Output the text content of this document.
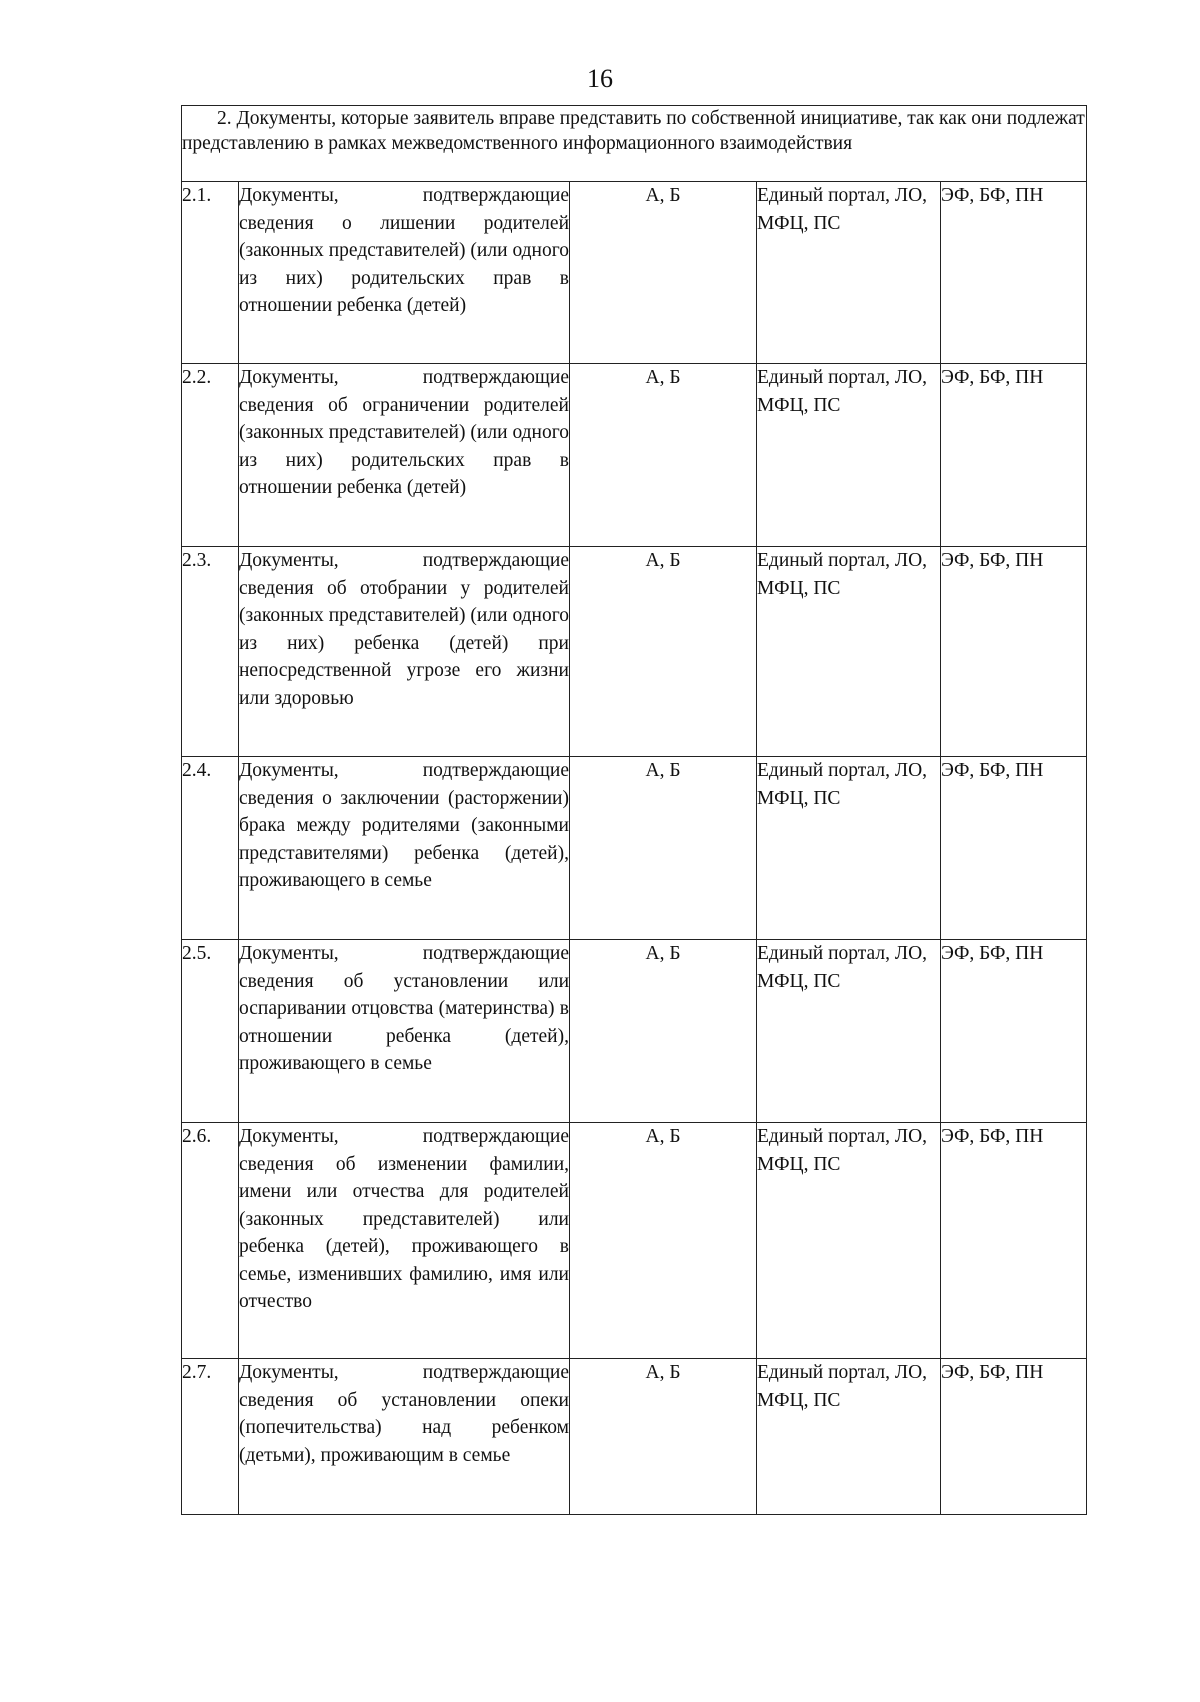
16
2. Документы, которые заявитель вправе представить по собственной инициативе, так как они подлежат представлению в рамках межведомственного информационного взаимодействия				
2.1.	Документы, подтверждающие сведения о лишении родителей (законных представителей) (или одного из них) родительских прав в отношении ребенка (детей)	А, Б	Единый портал, ЛО, МФЦ, ПС	ЭФ, БФ, ПН
2.2.	Документы, подтверждающие сведения об ограничении родителей (законных представителей) (или одного из них) родительских прав в отношении ребенка (детей)	А, Б	Единый портал, ЛО, МФЦ, ПС	ЭФ, БФ, ПН
2.3.	Документы, подтверждающие сведения об отобрании у родителей (законных представителей) (или одного из них) ребенка (детей) при непосредственной угрозе его жизни или здоровью	А, Б	Единый портал, ЛО, МФЦ, ПС	ЭФ, БФ, ПН
2.4.	Документы, подтверждающие сведения о заключении (расторжении) брака между родителями (законными представителями) ребенка (детей), проживающего в семье	А, Б	Единый портал, ЛО, МФЦ, ПС	ЭФ, БФ, ПН
2.5.	Документы, подтверждающие сведения об установлении или оспаривании отцовства (материнства) в отношении ребенка (детей), проживающего в семье	А, Б	Единый портал, ЛО, МФЦ, ПС	ЭФ, БФ, ПН
2.6.	Документы, подтверждающие сведения об изменении фамилии, имени или отчества для родителей (законных представителей) или ребенка (детей), проживающего в семье, изменивших фамилию, имя или отчество	А, Б	Единый портал, ЛО, МФЦ, ПС	ЭФ, БФ, ПН
2.7.	Документы, подтверждающие сведения об установлении опеки (попечительства) над ребенком (детьми), проживающим в семье	А, Б	Единый портал, ЛО, МФЦ, ПС	ЭФ, БФ, ПН
